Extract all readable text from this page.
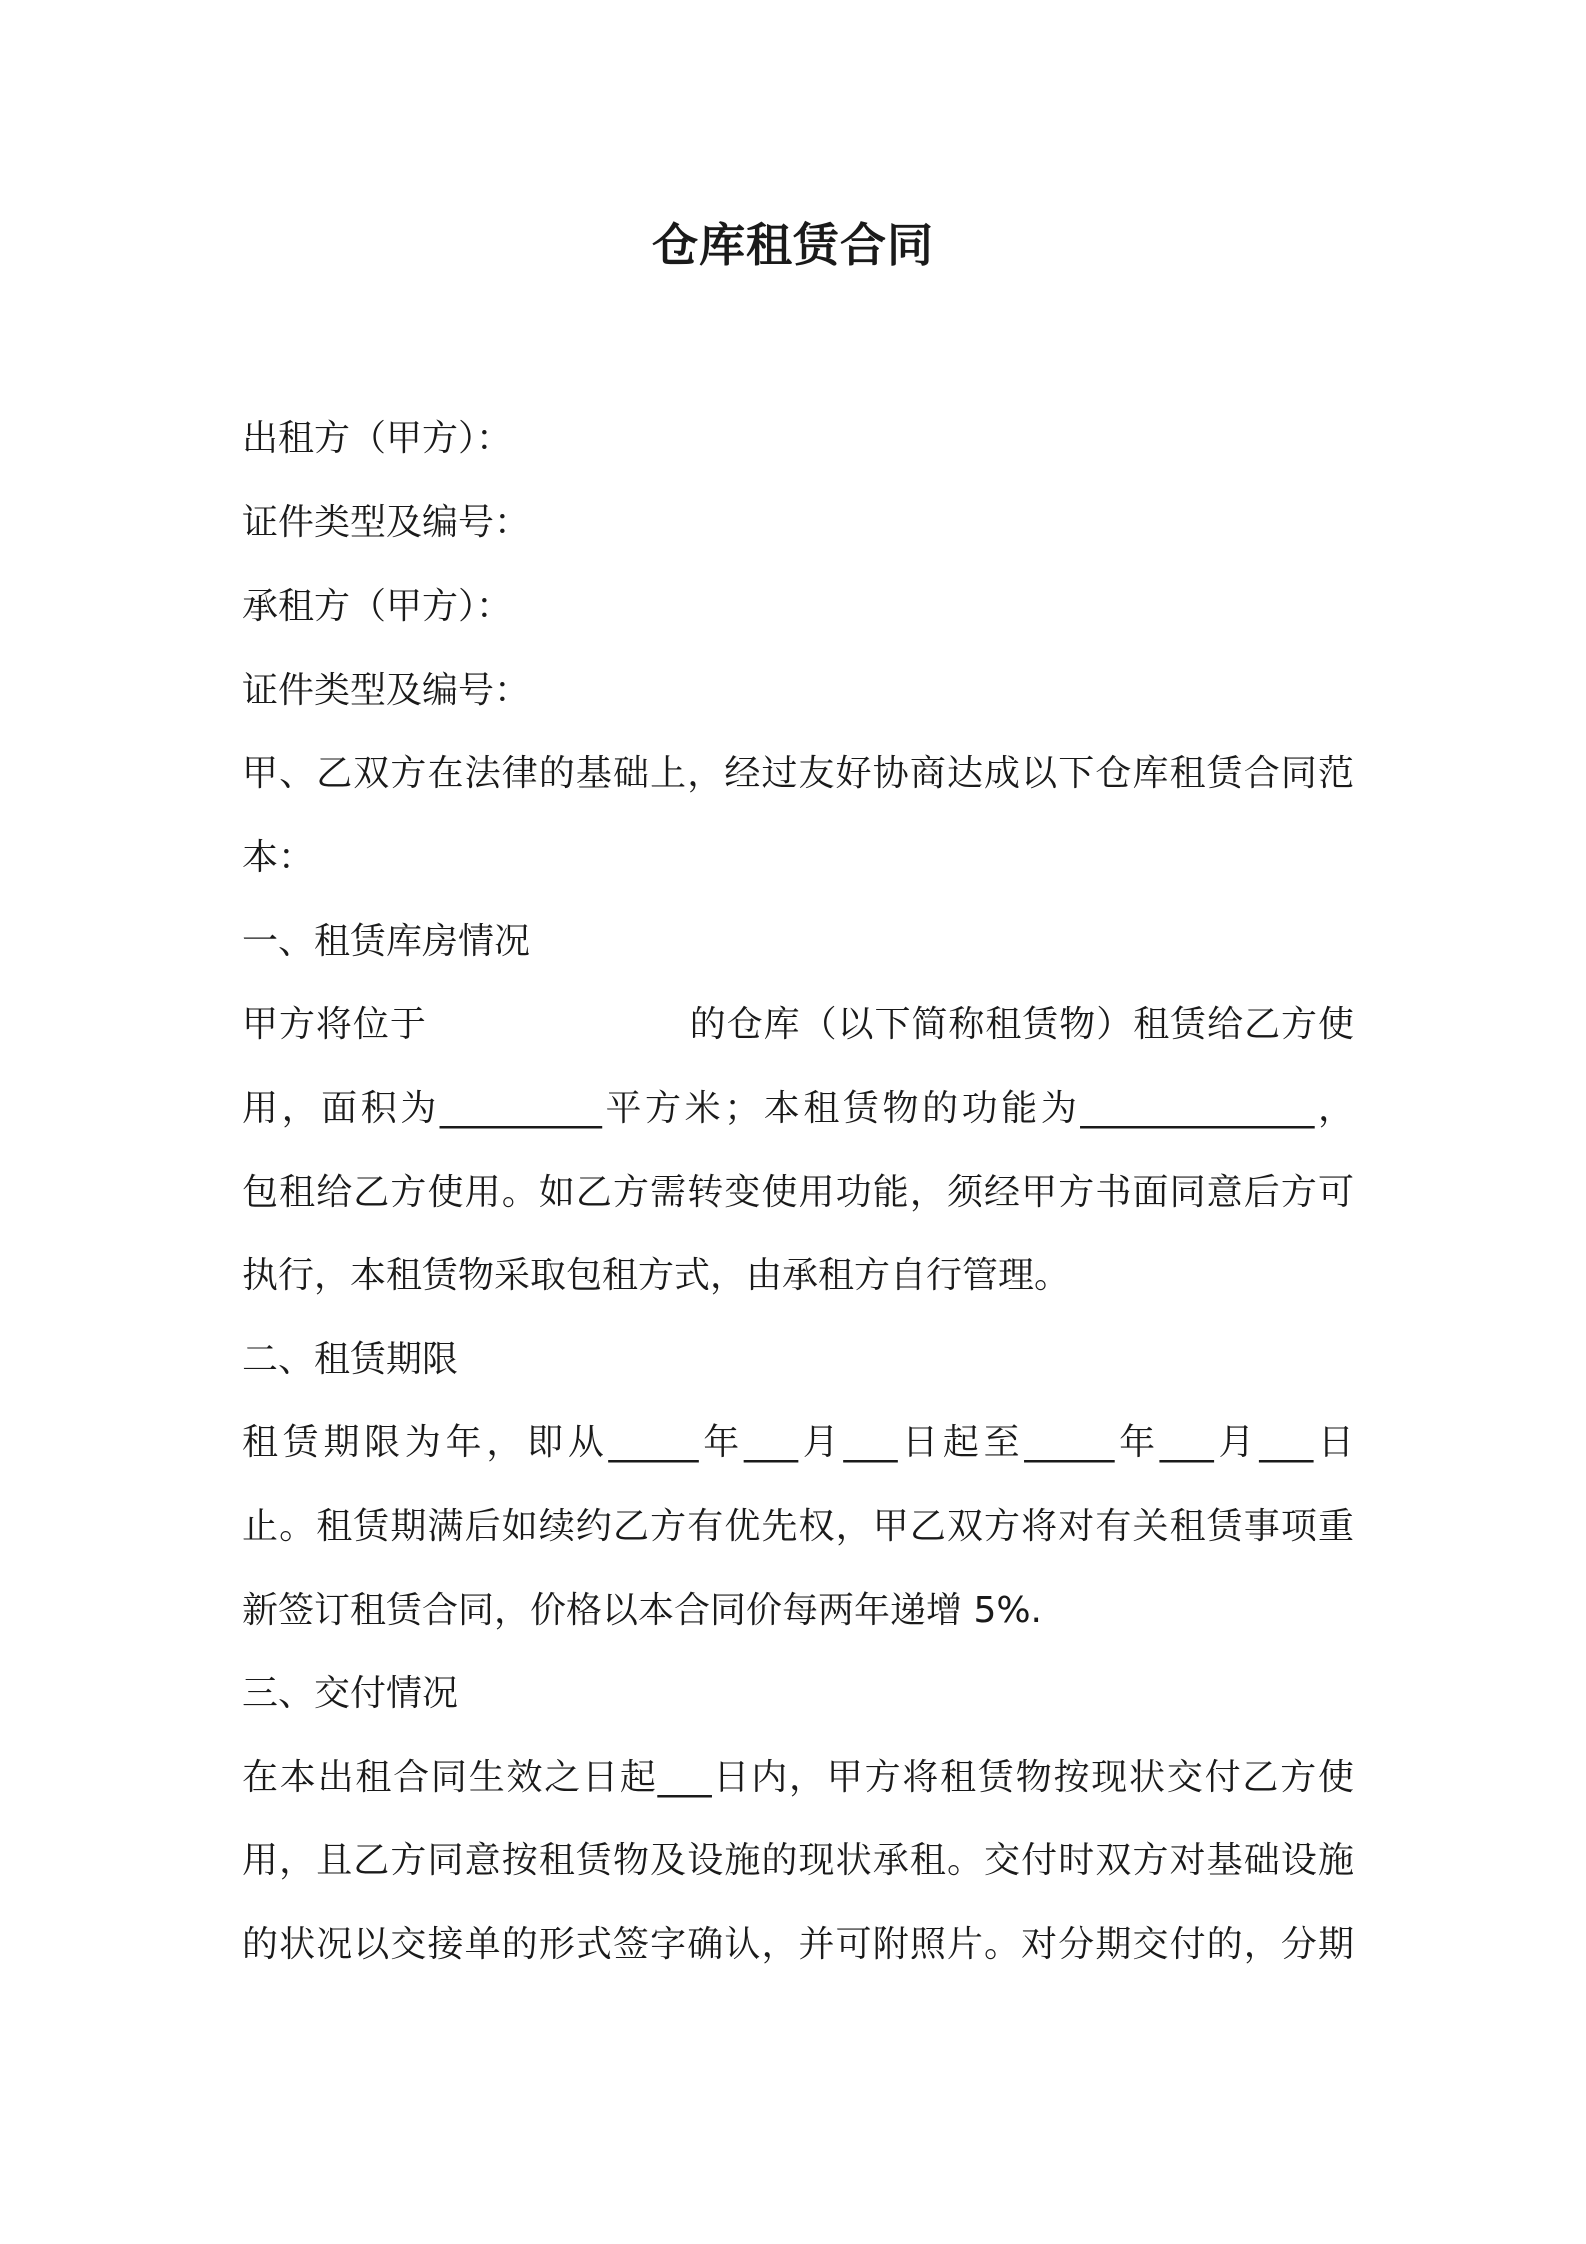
仓库租赁合同
出租方（甲方）：
证件类型及编号：
承租方（甲方）：
证件类型及编号：
甲、乙双方在法律的基础上，经过友好协商达成以下仓库租赁合同范
本：
一、租赁库房情况
甲方将位于	的仓库（以下简称租赁物）租赁给乙方使
用，面积为_________平方米；本租赁物的功能为_____________，
包租给乙方使用。如乙方需转变使用功能，须经甲方书面同意后方可
执行，本租赁物采取包租方式，由承租方自行管理。
二、租赁期限
租赁期限为年，即从_____年___月___日起至_____年___月___日
止。租赁期满后如续约乙方有优先权，甲乙双方将对有关租赁事项重
新签订租赁合同，价格以本合同价每两年递增 5%.
三、交付情况
在本出租合同生效之日起___日内，甲方将租赁物按现状交付乙方使
用，且乙方同意按租赁物及设施的现状承租。交付时双方对基础设施
的状况以交接单的形式签字确认，并可附照片。对分期交付的，分期
